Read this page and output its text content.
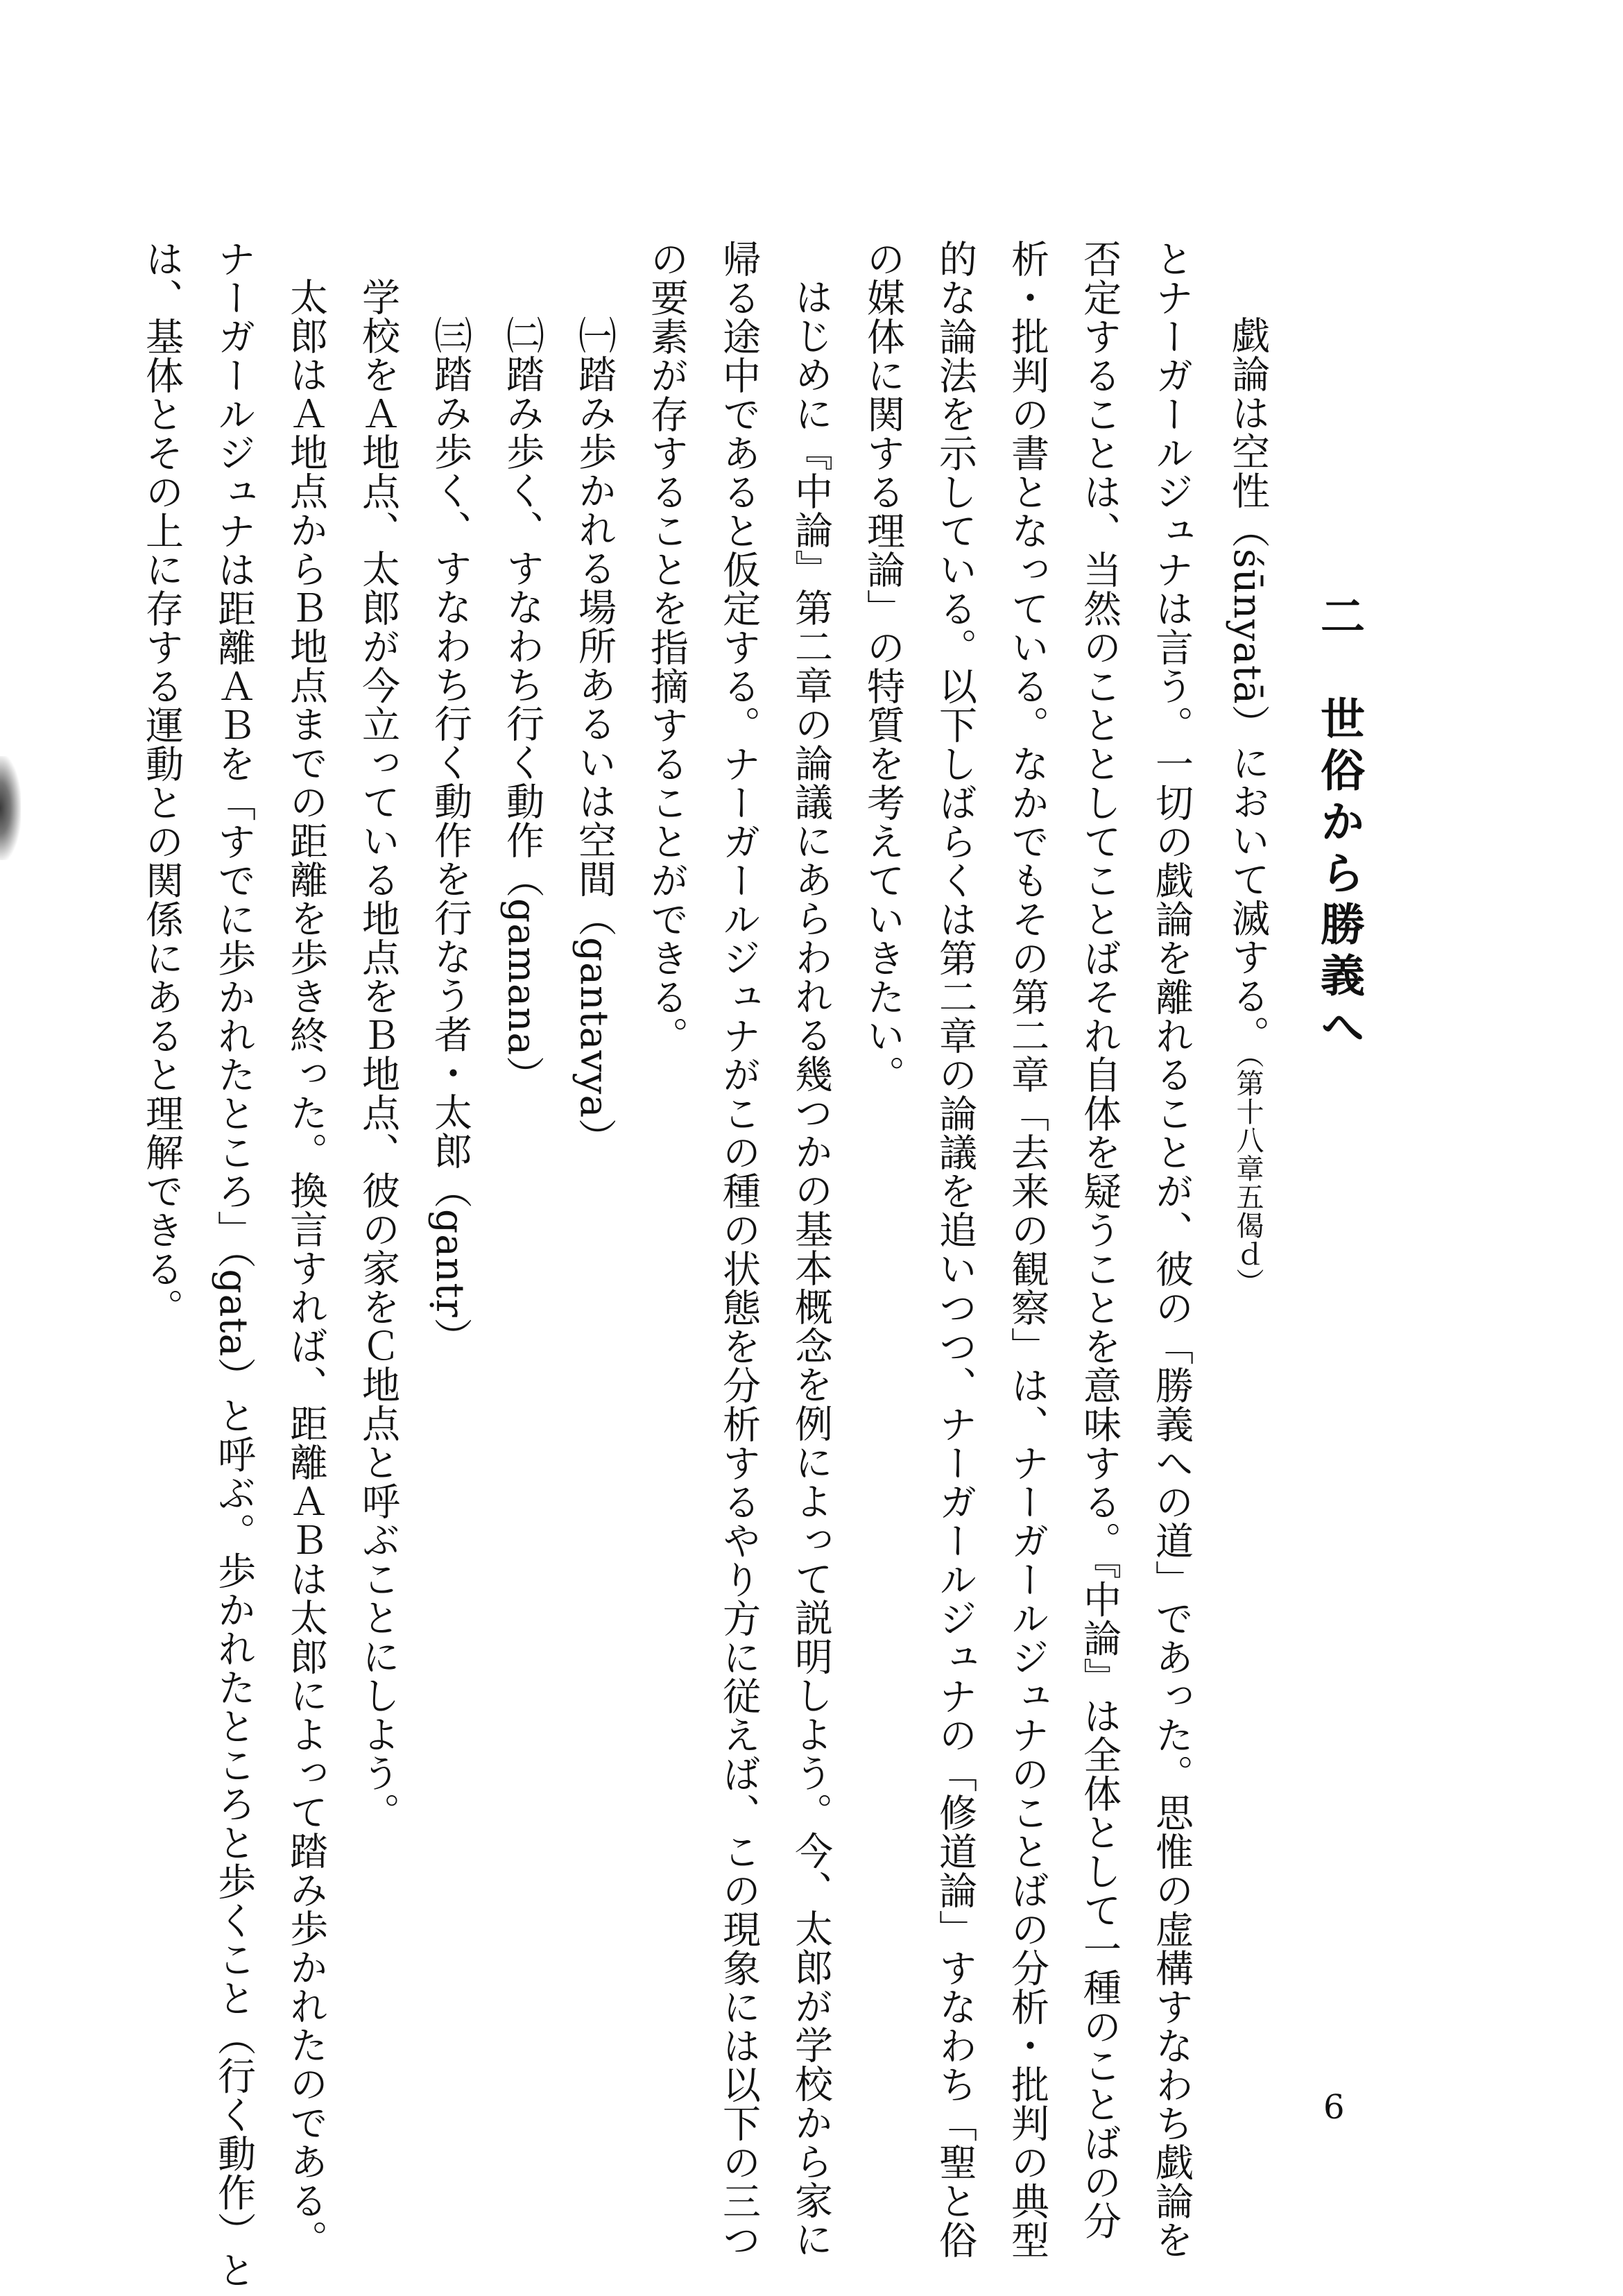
二　世俗から勝義へ
戯論は空性（śūnyatā）において滅する。（第十八章五偈ｄ）
とナーガールジュナは言う。一切の戯論を離れることが、彼の「勝義への道」であった。思惟の虚構すなわち戯論を
否定することは、当然のこととしてことばそれ自体を疑うことを意味する。『中論』は全体として一種のことばの分
析・批判の書となっている。なかでもその第二章「去来の観察」は、ナーガールジュナのことばの分析・批判の典型
的な論法を示している。以下しばらくは第二章の論議を追いつつ、ナーガールジュナの「修道論」すなわち「聖と俗
の媒体に関する理論」の特質を考えていきたい。
はじめに『中論』第二章の論議にあらわれる幾つかの基本概念を例によって説明しよう。今、太郎が学校から家に
帰る途中であると仮定する。ナーガールジュナがこの種の状態を分析するやり方に従えば、この現象には以下の三つ
の要素が存することを指摘することができる。
㈠踏み歩かれる場所あるいは空間（gantavya）
㈡踏み歩く、すなわち行く動作（gamana）
㈢踏み歩く、すなわち行く動作を行なう者・太郎（gantṛ）
学校をＡ地点、太郎が今立っている地点をＢ地点、彼の家をＣ地点と呼ぶことにしよう。
太郎はＡ地点からＢ地点までの距離を歩き終った。換言すれば、距離ＡＢは太郎によって踏み歩かれたのである。
ナーガールジュナは距離ＡＢを「すでに歩かれたところ」（gata）と呼ぶ。歩かれたところと歩くこと（行く動作）と
は、基体とその上に存する運動との関係にあると理解できる。
6
